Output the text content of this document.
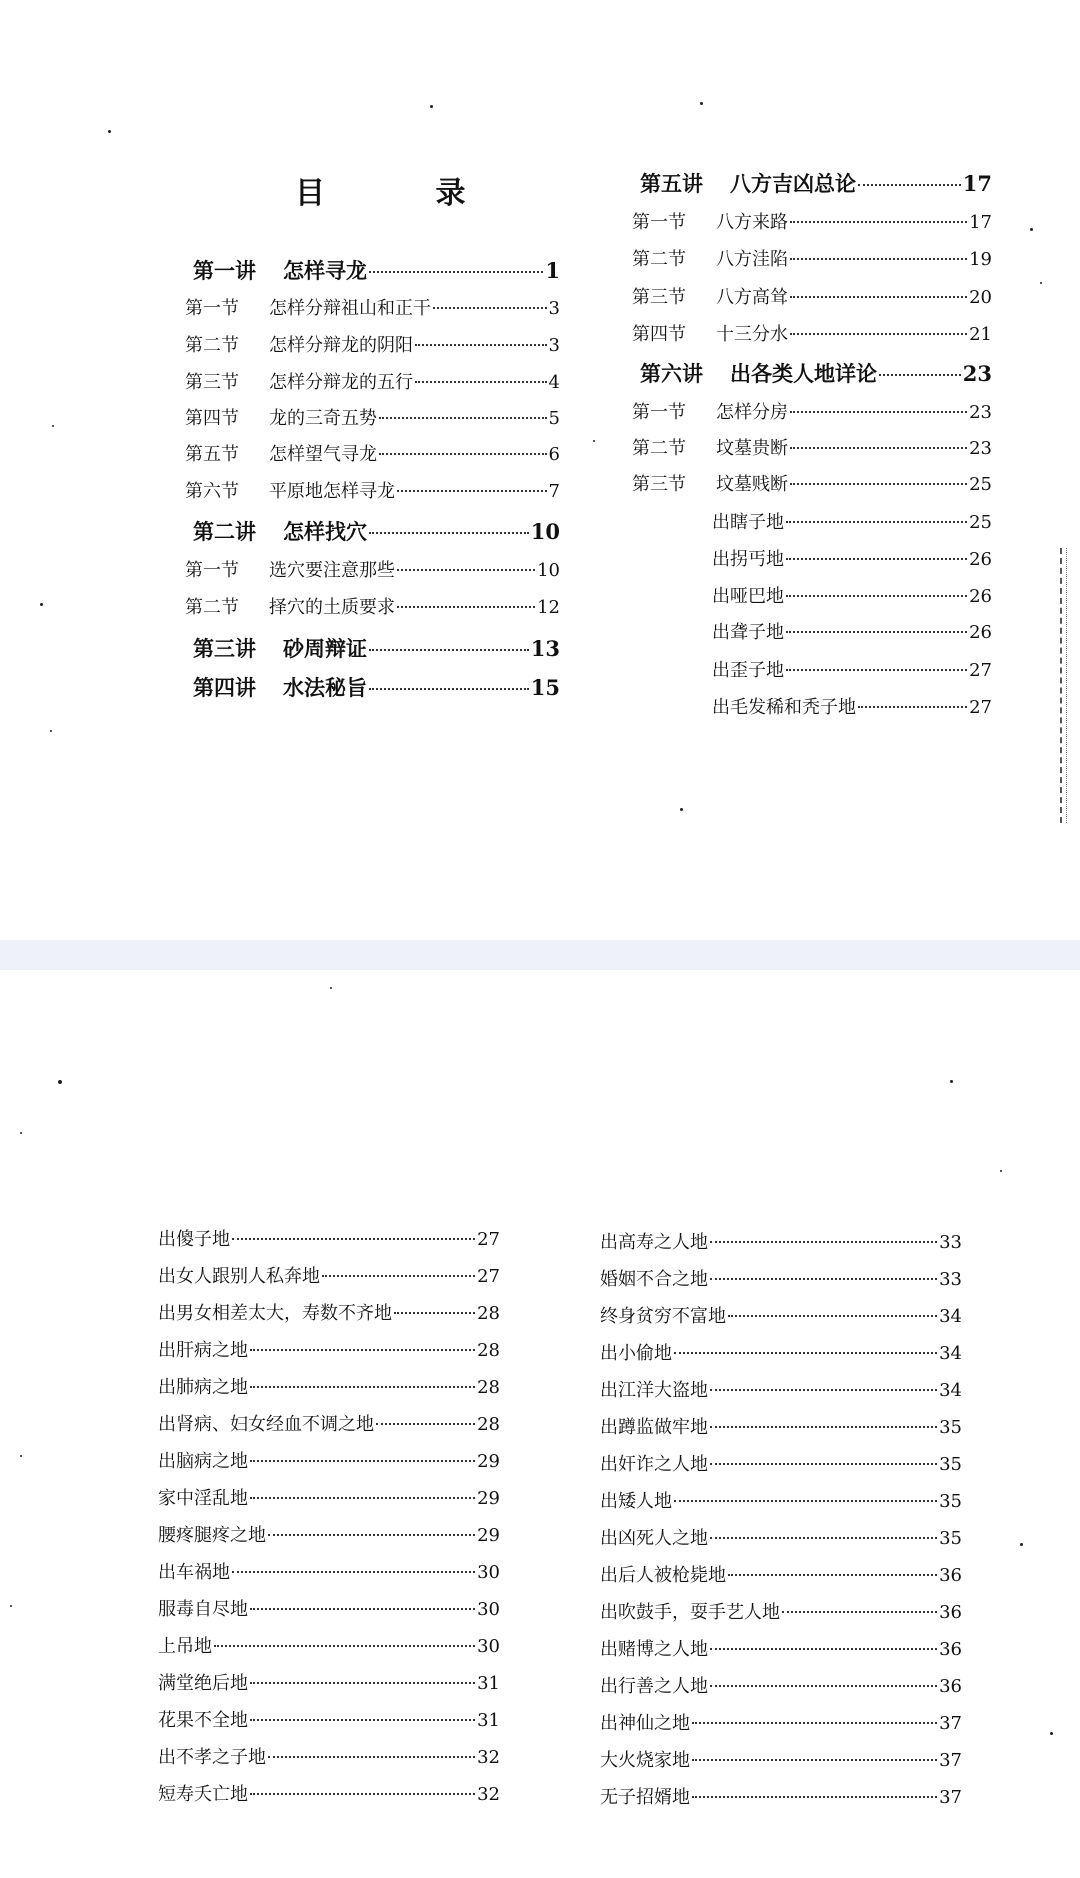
目 录
第一讲 怎样寻龙	1
第一节 怎样分辩祖山和正干	3
第二节 怎样分辩龙的阴阳	3
第三节 怎样分辩龙的五行	4
第四节 龙的三奇五势	5
第五节 怎样望气寻龙	6
第六节 平原地怎样寻龙	7
第二讲 怎样找穴	10
第一节 选穴要注意那些	10
第二节 择穴的土质要求	12
第三讲 砂周辩证	13
第四讲 水法秘旨	15
第五讲 八方吉凶总论	17
第一节 八方来路	17
第二节 八方洼陷	19
第三节 八方高耸	20
第四节 十三分水	21
第六讲 出各类人地详论	23
第一节 怎样分房	23
第二节 坟墓贵断	23
第三节 坟墓贱断	25
出瞎子地	25
出拐丐地	26
出哑巴地	26
出聋子地	26
出歪子地	27
出毛发稀和秃子地	27
出傻子地	27
出女人跟别人私奔地	27
出男女相差太大，寿数不齐地	28
出肝病之地	28
出肺病之地	28
出肾病、妇女经血不调之地	28
出脑病之地	29
家中淫乱地	29
腰疼腿疼之地	29
出车祸地	30
服毒自尽地	30
上吊地	30
满堂绝后地	31
花果不全地	31
出不孝之子地	32
短寿夭亡地	32
出高寿之人地	33
婚姻不合之地	33
终身贫穷不富地	34
出小偷地	34
出江洋大盗地	34
出蹲监做牢地	35
出奸诈之人地	35
出矮人地	35
出凶死人之地	35
出后人被枪毙地	36
出吹鼓手，耍手艺人地	36
出赌博之人地	36
出行善之人地	36
出神仙之地	37
大火烧家地	37
无子招婿地	37
